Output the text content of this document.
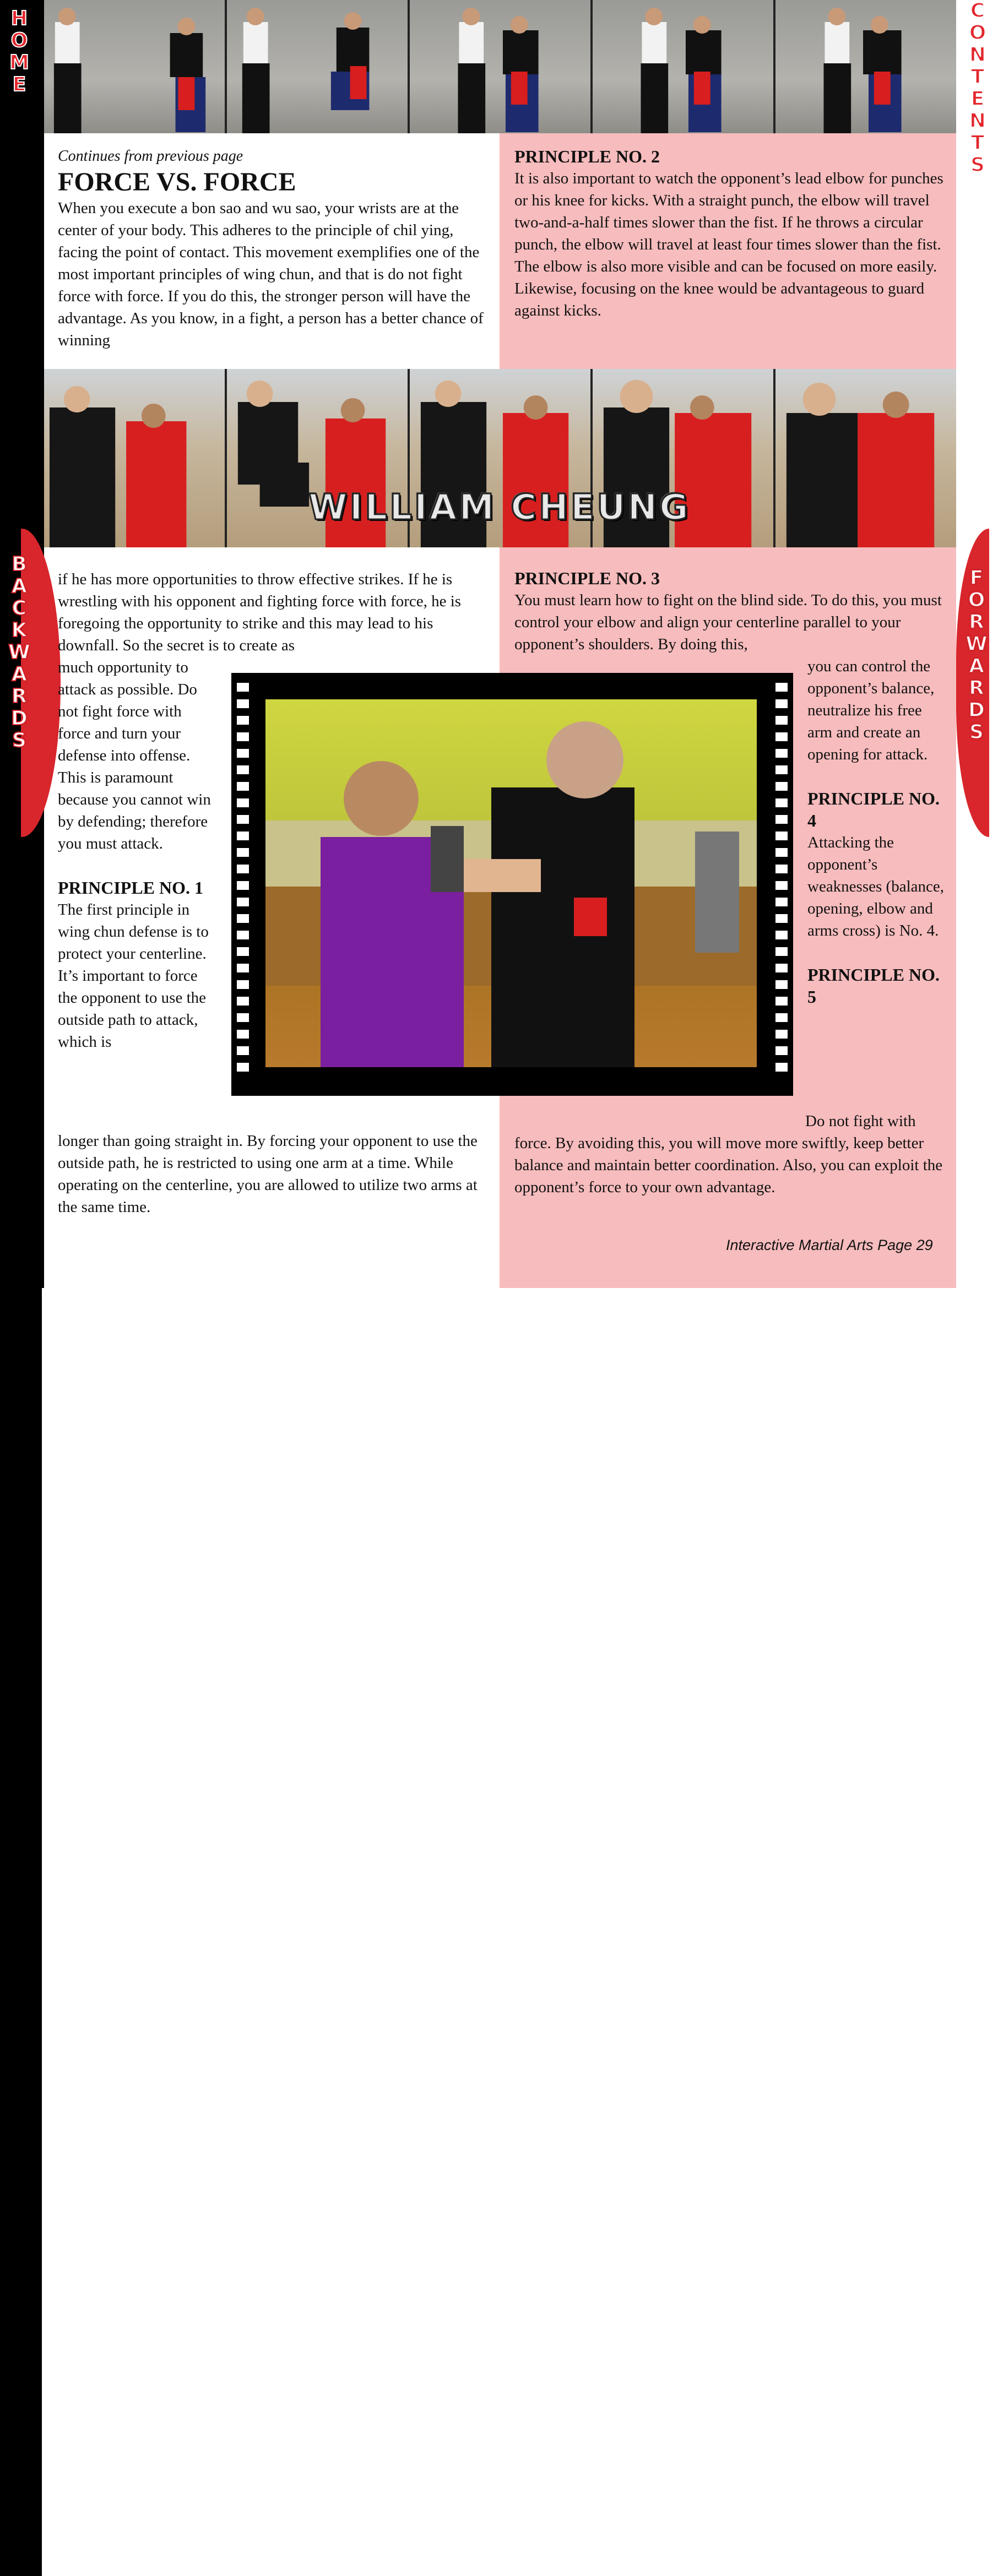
H
O
M
E
C
O
N
T
E
N
T
S
B
A
C
K
W
A
R
D
S
F
O
R
W
A
R
D
S

Continues from previous page

FORCE VS. FORCE

When you execute a bon sao and wu sao, your wrists are at the center of your body. This adheres to the principle of chil ying, facing the point of contact. This movement exemplifies one of the most important principles of wing chun, and that is do not fight force with force. If you do this, the stronger person will have the advantage. As you know, in a fight, a person has a better chance of winning

PRINCIPLE NO. 2

It is also important to watch the opponent’s lead elbow for punches or his knee for kicks. With a straight punch, the elbow will travel two-and-a-half times slower than the fist. If he throws a circular punch, the elbow will travel at least four times slower than the fist. The elbow is also more visible and can be focused on more easily. Likewise, focusing on the knee would be advantageous to guard against kicks.

WILLIAM CHEUNG

if he has more opportunities to throw effective strikes. If he is wrestling with his opponent and fighting force with force, he is foregoing the opportunity to strike and this may lead to his downfall. So the secret is to create as

much opportunity to attack as possible. Do not fight force with force and turn your defense into offense. This is paramount because you cannot win by defending; therefore you must attack.

PRINCIPLE NO. 1

The first principle in wing chun defense is to protect your centerline. It’s important to force the opponent to use the outside path to attack, which is

longer than going straight in. By forcing your opponent to use the outside path, he is restricted to using one arm at a time. While operating on the centerline, you are allowed to utilize two arms at the same time.

PRINCIPLE NO. 3

You must learn how to fight on the blind side. To do this, you must control your elbow and align your centerline parallel to your opponent’s shoulders. By doing this,

you can control the opponent’s balance, neutralize his free arm and create an opening for attack.

PRINCIPLE NO. 4

Attacking the opponent’s weaknesses (balance, opening, elbow and arms cross) is No. 4.

PRINCIPLE NO. 5

Do not fight with

force. By avoiding this, you will move more swiftly, keep better balance and maintain better coordination. Also, you can exploit the opponent’s force to your own advantage.

Interactive Martial Arts Page 29
